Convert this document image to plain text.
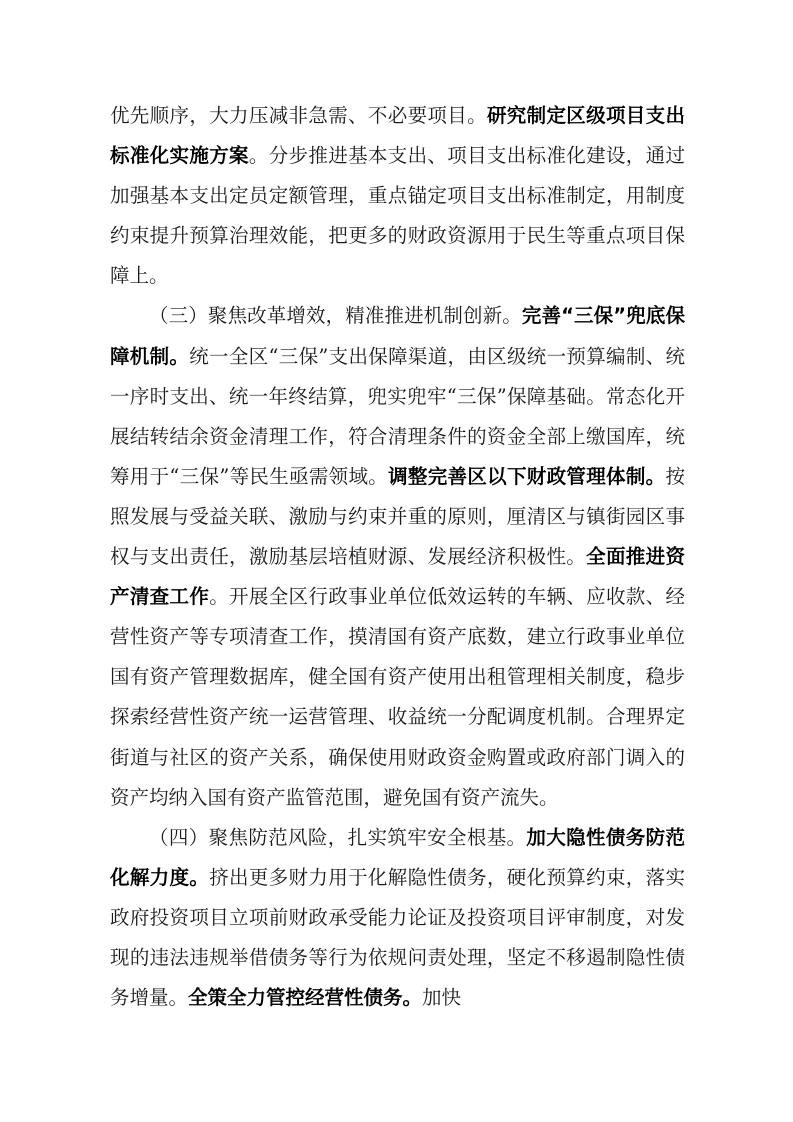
优先顺序，大力压减非急需、不必要项目。研究制定区级项目支出标准化实施方案。分步推进基本支出、项目支出标准化建设，通过加强基本支出定员定额管理，重点锚定项目支出标准制定，用制度约束提升预算治理效能，把更多的财政资源用于民生等重点项目保障上。

（三）聚焦改革增效，精准推进机制创新。完善“三保”兜底保障机制。统一全区“三保”支出保障渠道，由区级统一预算编制、统一序时支出、统一年终结算，兜实兜牢“三保”保障基础。常态化开展结转结余资金清理工作，符合清理条件的资金全部上缴国库，统筹用于“三保”等民生亟需领域。调整完善区以下财政管理体制。按照发展与受益关联、激励与约束并重的原则，厘清区与镇街园区事权与支出责任，激励基层培植财源、发展经济积极性。全面推进资产清查工作。开展全区行政事业单位低效运转的车辆、应收款、经营性资产等专项清查工作，摸清国有资产底数，建立行政事业单位国有资产管理数据库，健全国有资产使用出租管理相关制度，稳步探索经营性资产统一运营管理、收益统一分配调度机制。合理界定街道与社区的资产关系，确保使用财政资金购置或政府部门调入的资产均纳入国有资产监管范围，避免国有资产流失。

（四）聚焦防范风险，扎实筑牢安全根基。加大隐性债务防范化解力度。挤出更多财力用于化解隐性债务，硬化预算约束，落实政府投资项目立项前财政承受能力论证及投资项目评审制度，对发现的违法违规举借债务等行为依规问责处理，坚定不移遏制隐性债务增量。全策全力管控经营性债务。加快
